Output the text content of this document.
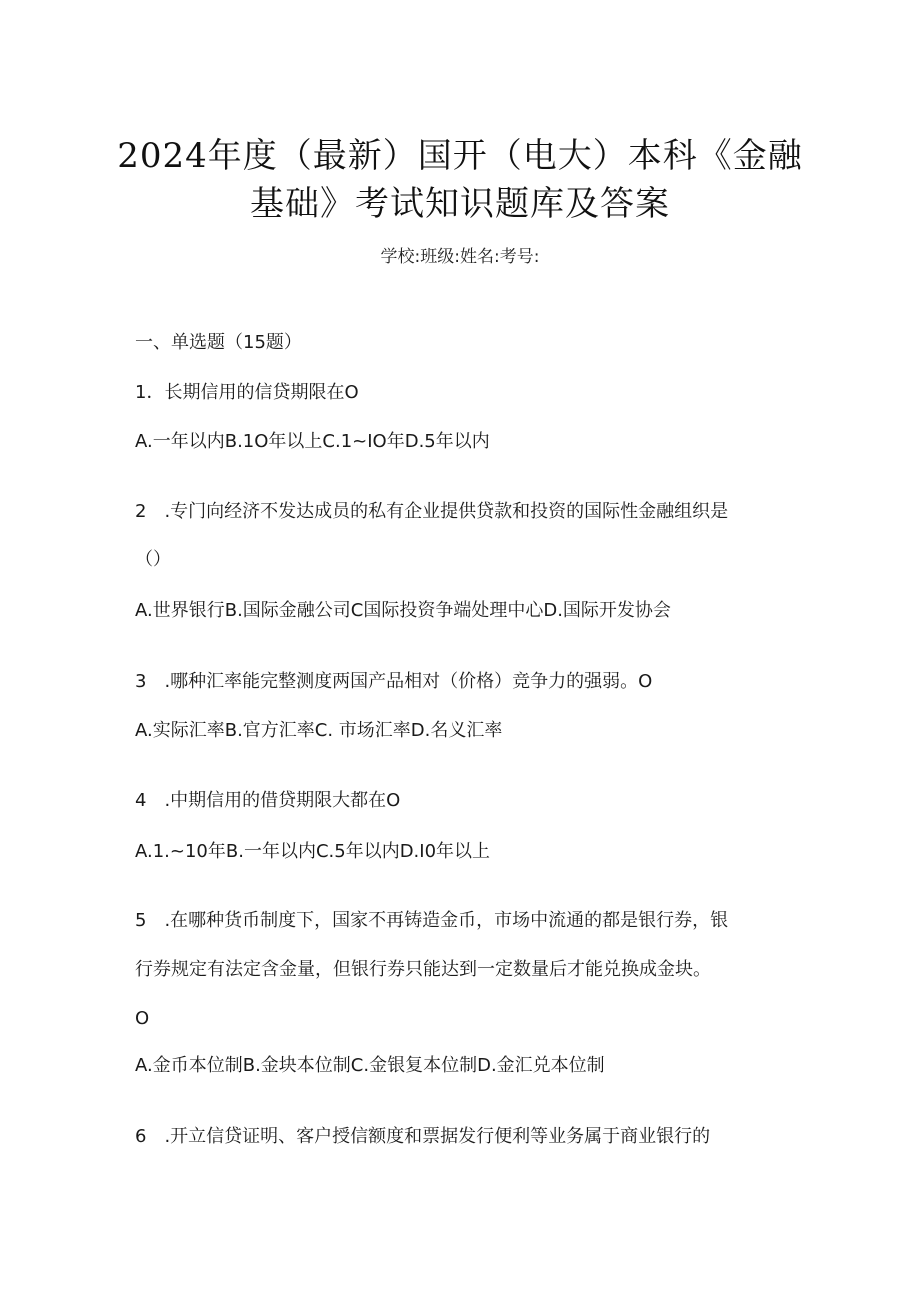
2024年度（最新）国开（电大）本科《金融
基础》考试知识题库及答案
学校:班级:姓名:考号:
一、单选题（15题）
1．长期信用的信贷期限在O
A.一年以内B.1O年以上C.1~IO年D.5年以内
2　.专门向经济不发达成员的私有企业提供贷款和投资的国际性金融组织是
（）
A.世界银行B.国际金融公司C国际投资争端处理中心D.国际开发协会
3　.哪种汇率能完整测度两国产品相对（价格）竞争力的强弱。O
A.实际汇率B.官方汇率C. 市场汇率D.名义汇率
4　.中期信用的借贷期限大都在O
A.1.~10年B.一年以内C.5年以内D.I0年以上
5　.在哪种货币制度下，国家不再铸造金币，市场中流通的都是银行券，银
行券规定有法定含金量，但银行券只能达到一定数量后才能兑换成金块。
O
A.金币本位制B.金块本位制C.金银复本位制D.金汇兑本位制
6　.开立信贷证明、客户授信额度和票据发行便利等业务属于商业银行的
